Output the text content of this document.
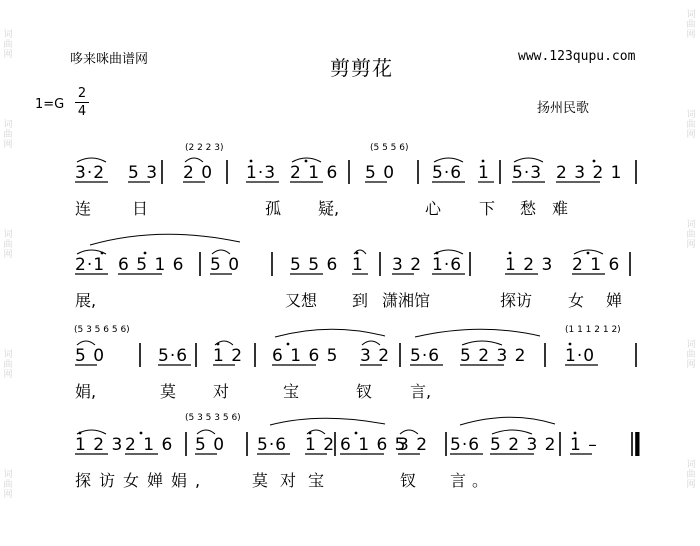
词曲网
词曲网
词曲网
词曲网
词曲网
词曲网
词曲网
词曲网
词曲网
词曲网
哆来咪曲谱网	剪剪花	www.123qupu.com
1=G
2
4	扬州民歌
3·2 5 3 2 0 1·3 2 1 6 5 0 5·6 1 5·3 2 3 2 1
2·1 6 5 1 6 5 0	5 5 6 1 3 2 1·6	1 2 3 2 1 6
5 0	5·6 1 2 6 1 6 5 3 2 5·6 5 2 3 2 1·0
1 2 3 2 1 6 5 0 5·6 1 2 6 1 6 5
3 2 5·6 5 2 3 2 1 –
(2 2 2 3)	(5 5 5 6)
(5 3 5 6 5 6)	(1 1 1 2 1 2)
(5 3 5 3 5 6)
连	日	孤 疑,	心 下 愁 难
展,	又想 到 潇湘馆	探访 女 婵
娟,	莫 对	宝	钗 言,
探访女婵娟,	莫对宝	钗 言。
